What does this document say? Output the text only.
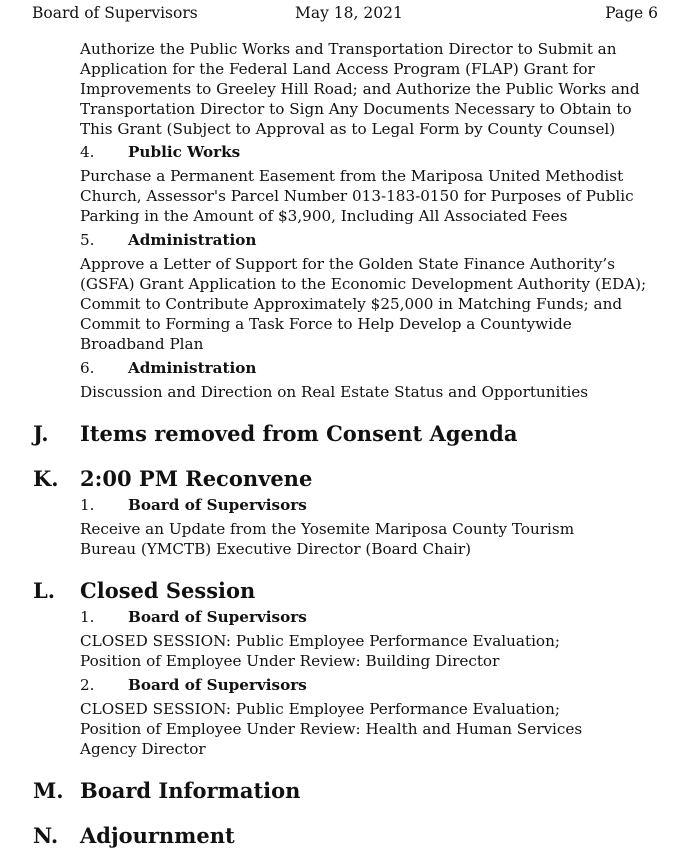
Board of Supervisors	May 18, 2021	Page 6
Authorize the Public Works and Transportation Director to Submit an Application for the Federal Land Access Program (FLAP) Grant for Improvements to Greeley Hill Road; and Authorize the Public Works and Transportation Director to Sign Any Documents Necessary to Obtain to This Grant (Subject to Approval as to Legal Form by County Counsel)
4.	Public Works
Purchase a Permanent Easement from the Mariposa United Methodist Church, Assessor's Parcel Number 013-183-0150 for Purposes of Public Parking in the Amount of $3,900, Including All Associated Fees
5.	Administration
Approve a Letter of Support for the Golden State Finance Authority’s (GSFA) Grant Application to the Economic Development Authority (EDA); Commit to Contribute Approximately $25,000 in Matching Funds; and Commit to Forming a Task Force to Help Develop a Countywide Broadband Plan
6.	Administration
Discussion and Direction on Real Estate Status and Opportunities
J.	Items removed from Consent Agenda
K.	2:00 PM Reconvene
1.	Board of Supervisors
Receive an Update from the Yosemite Mariposa County Tourism Bureau (YMCTB) Executive Director (Board Chair)
L.	Closed Session
1.	Board of Supervisors
CLOSED SESSION: Public Employee Performance Evaluation; Position of Employee Under Review: Building Director
2.	Board of Supervisors
CLOSED SESSION: Public Employee Performance Evaluation; Position of Employee Under Review: Health and Human Services Agency Director
M. Board Information
N.	Adjournment
